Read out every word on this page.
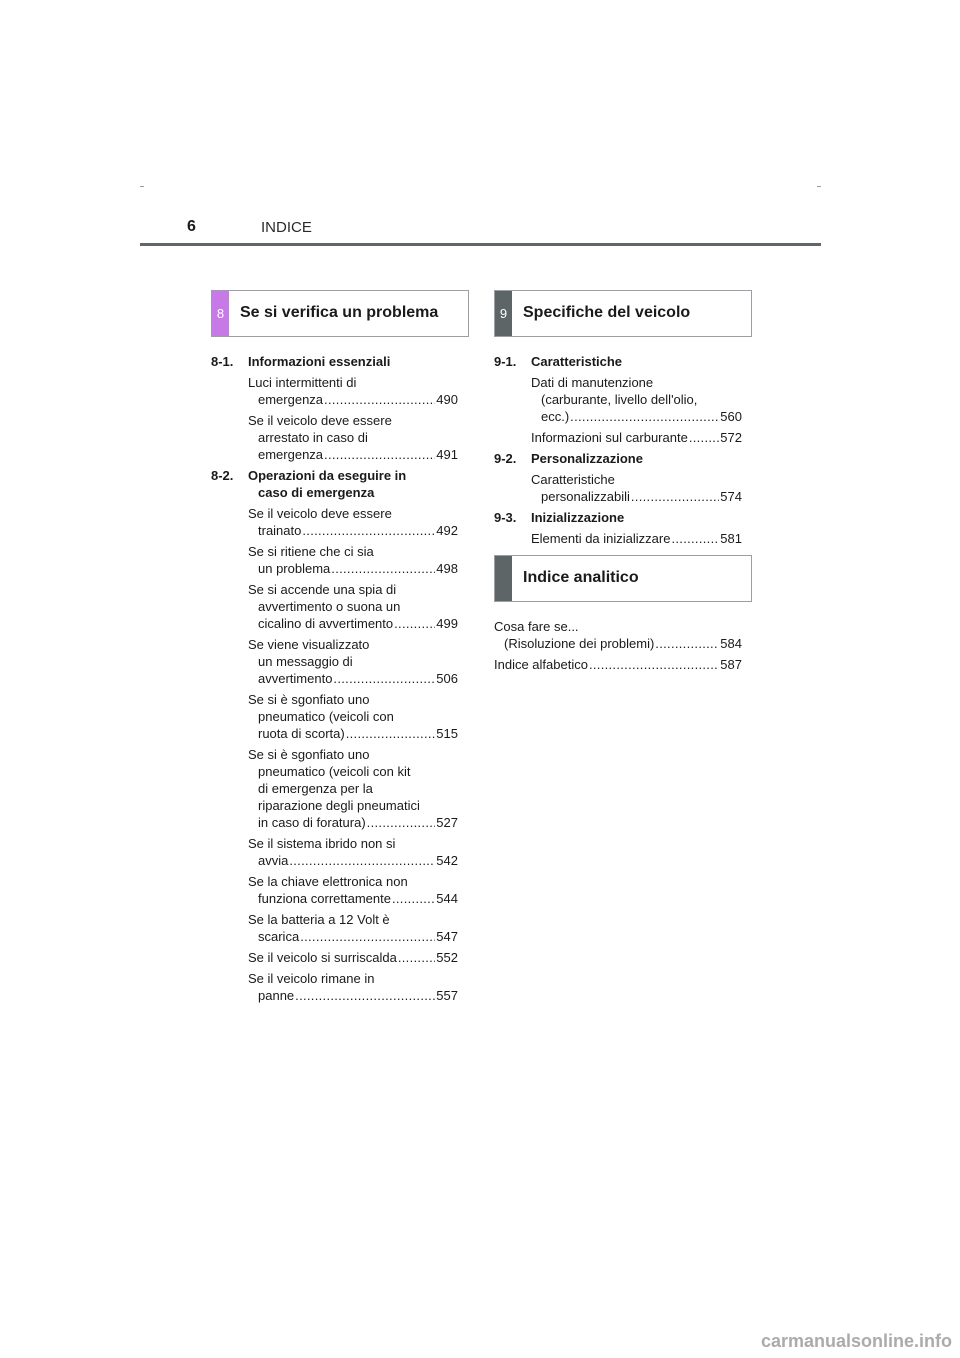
6	INDICE
8 Se si verifica un problema	9 Specifiche del veicolo
Indice analitico
8-1.	Informazioni essenziali
Luci intermittenti di
emergenza .....	490
Se il veicolo deve essere
arrestato in caso di
emergenza .....	491
8-2.	Operazioni da eseguire in
caso di emergenza
Se il veicolo deve essere
trainato .....	492
Se si ritiene che ci sia
un problema .....	498
Se si accende una spia di
avvertimento o suona un
cicalino di avvertimento .....	499
Se viene visualizzato
un messaggio di
avvertimento .....	506
Se si è sgonfiato uno
pneumatico (veicoli con
ruota di scorta) .....	515
Se si è sgonfiato uno
pneumatico (veicoli con kit
di emergenza per la
riparazione degli pneumatici
in caso di foratura) .....	527
Se il sistema ibrido non si
avvia .....	542
Se la chiave elettronica non
funziona correttamente .....	544
Se la batteria a 12 Volt è
scarica .....	547
Se il veicolo si surriscalda .....	552
Se il veicolo rimane in
panne .....	557
9-1.	Caratteristiche
Dati di manutenzione
(carburante, livello dell'olio,
ecc.) .....	560
Informazioni sul carburante ..... 572
9-2.	Personalizzazione
Caratteristiche
personalizzabili .....	574
9-3.	Inizializzazione
Elementi da inizializzare .....	581
Cosa fare se...
(Risoluzione dei problemi) .....	584
Indice alfabetico .....	587
carmanualsonline.info
